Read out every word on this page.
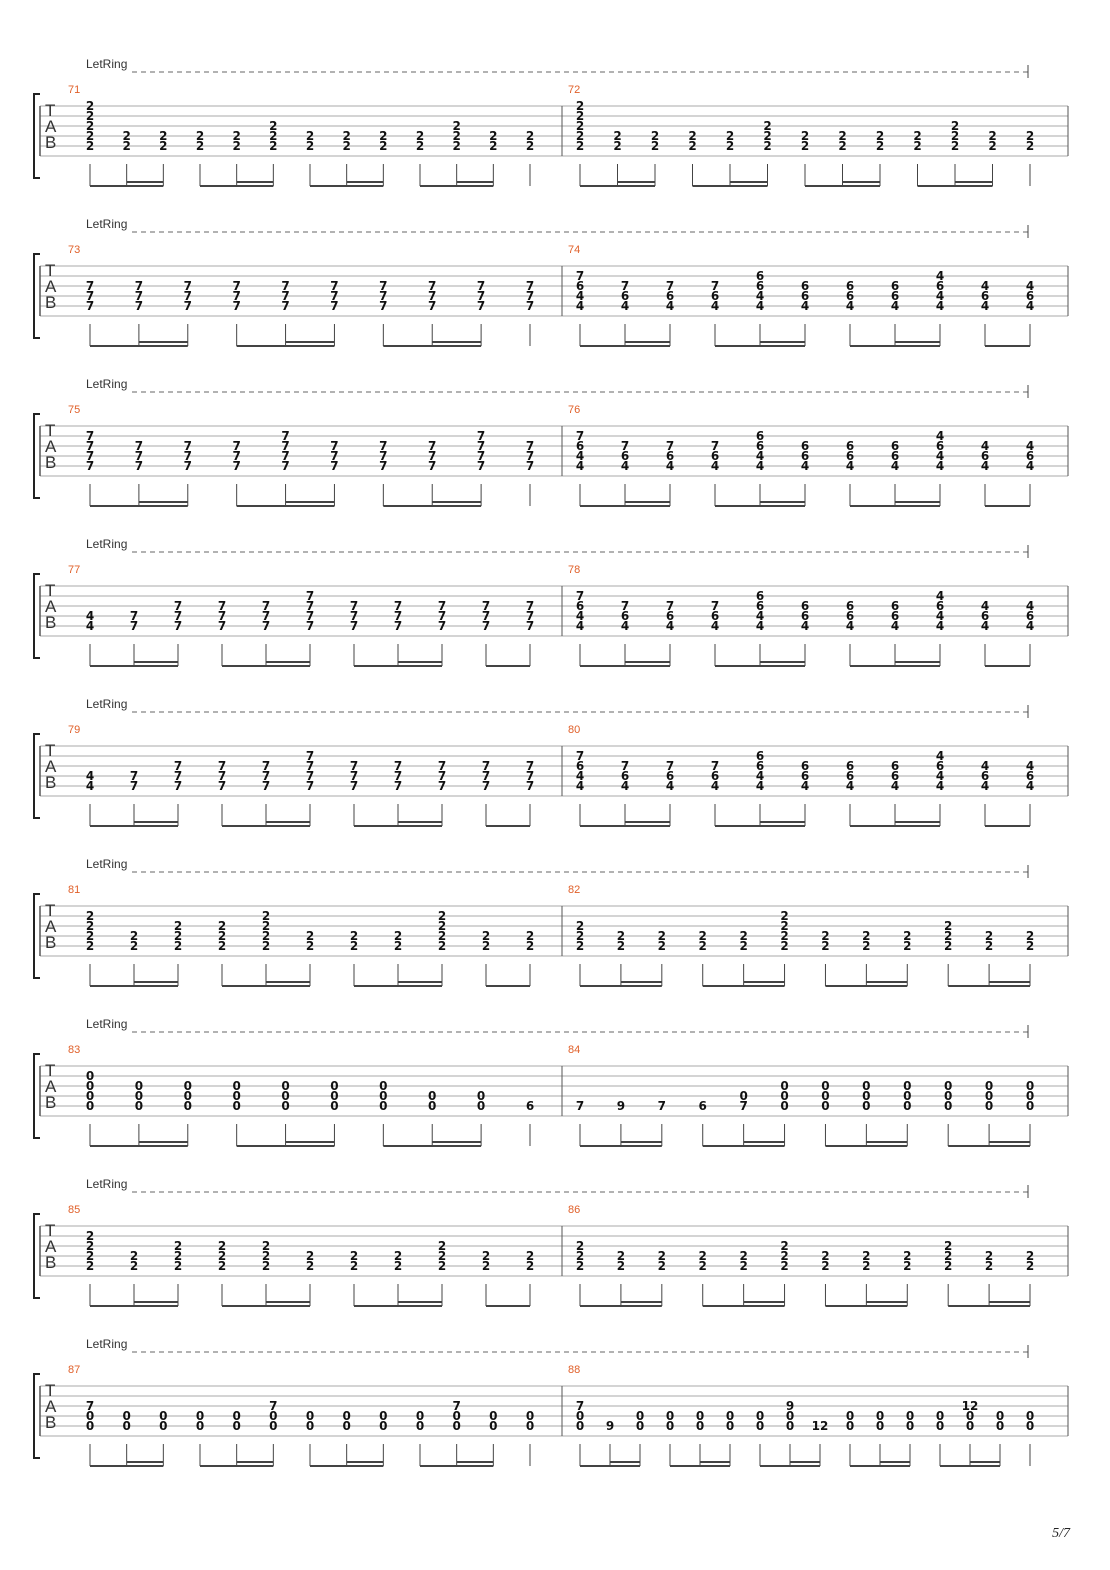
LetRing
T
A
B
71	72
2
2
2
2
2
2
2
2
2
2
2
2
2
2
2
2
2
2
2
2
2
2
2
2
2
2
2
2
2
2
2
2
2
2
2
2
2
2
2
2
2
2
2
2
2
2
2
2
2
2
2
2
2
2
2
2
2
2
2
2
2
2
LetRing
T
A
B
73	74
7
7
7
7
7
7
7
7
7
7
7
7
7
7
7
7
7
7
7
7
7
7
7
7
7
7
7
7
7
7
7
6
4
4
7
6
4
7
6
4
7
6
4
6
6
4
4
6
6
4
6
6
4
6
6
4
4
6
4
4
4
6
4
4
6
4
LetRing
T
A
B
75	76
7
7
7
7
7
7
7
7
7
7
7
7
7
7
7
7
7
7
7
7
7
7
7
7
7
7
7
7
7
7
7
7
7
7
6
4
4
7
6
4
7
6
4
7
6
4
6
6
4
4
6
6
4
6
6
4
6
6
4
4
6
4
4
4
6
4
4
6
4
LetRing
T
A
B
77	78
4
4
7
7
7
7
7
7
7
7
7
7
7
7
7
7
7
7
7
7
7
7
7
7
7
7
7
7
7
7
7
7
7
6
4
4
7
6
4
7
6
4
7
6
4
6
6
4
4
6
6
4
6
6
4
6
6
4
4
6
4
4
4
6
4
4
6
4
LetRing
T
A
B
79	80
4
4
7
7
7
7
7
7
7
7
7
7
7
7
7
7
7
7
7
7
7
7
7
7
7
7
7
7
7
7
7
7
7
6
4
4
7
6
4
7
6
4
7
6
4
6
6
4
4
6
6
4
6
6
4
6
6
4
4
6
4
4
4
6
4
4
6
4
LetRing
T
A
B
81	82
2
2
2
2
2
2
2
2
2
2
2
2
2
2
2
2
2
2
2
2
2
2
2
2
2
2
2
2
2
2
2
2
2
2
2
2
2
2
2
2
2
2
2
2
2
2
2
2
2
2
2
2
2
2
2
2
2
2
LetRing
T
A
B
83	84
0
0
0
0
0
0
0
0
0
0
0
0
0
0
0
0
0
0
0
0
0
0
0
0
0
0	6	7	9	7	6
0
7
0
0
0
0
0
0
0
0
0
0
0
0
0
0
0
0
0
0
0
0
0
LetRing
T
A
B
85	86
2
2
2
2
2
2
2
2
2
2
2
2
2
2
2
2
2
2
2
2
2
2
2
2
2
2
2
2
2
2
2
2
2
2
2
2
2
2
2
2
2
2
2
2
2
2
2
2
2
2
2
2
2
2
2
LetRing
T
A
B
87	88
7
0
0
0
0
0
0
0
0
0
0
7
0
0
0
0
0
0
0
0
0
0
7
0
0
0
0
0
0
7
0
0 9
0
0
0
0
0
0
0
0
0
0
9
0
0 12
0
0
0
0
0
0
0
0
12
0
0
0
0
0
0
5/7
